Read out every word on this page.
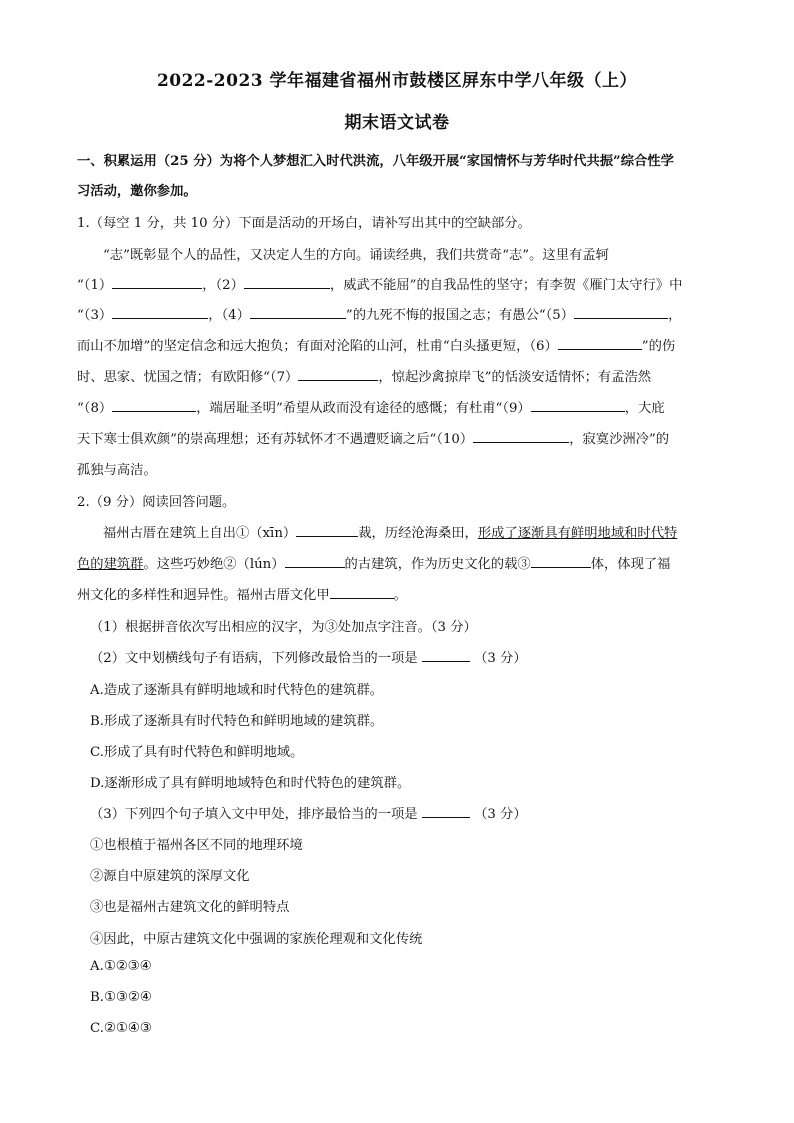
2022-2023 学年福建省福州市鼓楼区屏东中学八年级（上）
期末语文试卷
一、积累运用（25 分）为将个人梦想汇入时代洪流，八年级开展“家国情怀与芳华时代共振”综合性学
习活动，邀你参加。
1.（每空 1 分，共 10 分）下面是活动的开场白，请补写出其中的空缺部分。
“志”既彰显个人的品性，又决定人生的方向。诵读经典，我们共赏奇“志”。这里有孟轲
“（1）	，（2）	，威武不能屈”的自我品性的坚守；有李贺《雁门太守行》中
“（3）	，（4）	”的九死不悔的报国之志；有愚公“（5）	，
而山不加增”的坚定信念和远大抱负；有面对沦陷的山河，杜甫“白头搔更短，（6）	”的伤
时、思家、忧国之情；有欧阳修“（7）	，惊起沙禽掠岸飞”的恬淡安适情怀；有孟浩然
“（8）	，端居耻圣明”希望从政而没有途径的感慨；有杜甫“（9）	，大庇
天下寒士俱欢颜”的崇高理想；还有苏轼怀才不遇遭贬谪之后“（10）	，寂寞沙洲冷”的
孤独与高洁。
2.（9 分）阅读回答问题。
福州古厝在建筑上自出①（xīn）	裁，历经沧海桑田，形成了逐渐具有鲜明地域和时代特
色的建筑群。这些巧妙绝②（lún）	的古建筑，作为历史文化的载③	体，体现了福
州文化的多样性和迥异性。福州古厝文化甲	。
（1）根据拼音依次写出相应的汉字，为③处加点字注音。（3 分）
（2）文中划横线句子有语病，下列修改最恰当的一项是	（3 分）
A.造成了逐渐具有鲜明地域和时代特色的建筑群。
B.形成了逐渐具有时代特色和鲜明地域的建筑群。
C.形成了具有时代特色和鲜明地域。
D.逐渐形成了具有鲜明地域特色和时代特色的建筑群。
（3）下列四个句子填入文中甲处，排序最恰当的一项是	（3 分）
①也根植于福州各区不同的地理环境
②源自中原建筑的深厚文化
③也是福州古建筑文化的鲜明特点
④因此，中原古建筑文化中强调的家族伦理观和文化传统
A.①②③④
B.①③②④
C.②①④③
